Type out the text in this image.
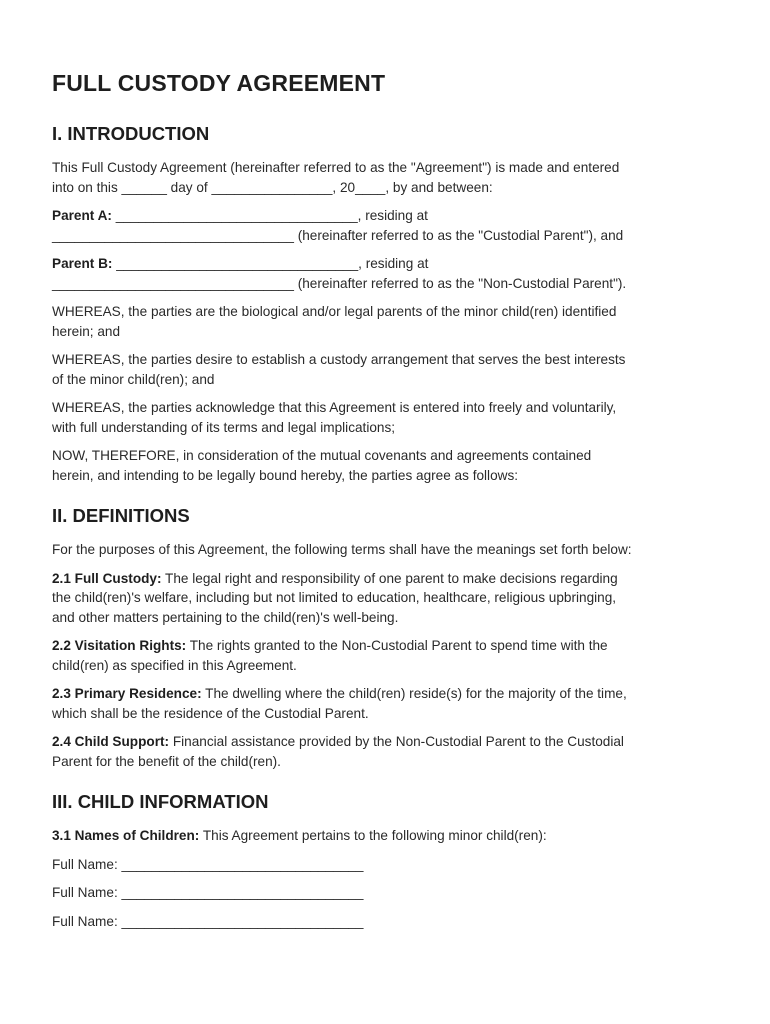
FULL CUSTODY AGREEMENT
I. INTRODUCTION

This Full Custody Agreement (hereinafter referred to as the "Agreement") is made and entered
into on this ______ day of ________________, 20____, by and between:

Parent A: ________________________________, residing at
________________________________ (hereinafter referred to as the "Custodial Parent"), and

Parent B: ________________________________, residing at
________________________________ (hereinafter referred to as the "Non-Custodial Parent").

WHEREAS, the parties are the biological and/or legal parents of the minor child(ren) identified
herein; and

WHEREAS, the parties desire to establish a custody arrangement that serves the best interests
of the minor child(ren); and

WHEREAS, the parties acknowledge that this Agreement is entered into freely and voluntarily,
with full understanding of its terms and legal implications;

NOW, THEREFORE, in consideration of the mutual covenants and agreements contained
herein, and intending to be legally bound hereby, the parties agree as follows:

II. DEFINITIONS

For the purposes of this Agreement, the following terms shall have the meanings set forth below:

2.1 Full Custody: The legal right and responsibility of one parent to make decisions regarding
the child(ren)'s welfare, including but not limited to education, healthcare, religious upbringing,
and other matters pertaining to the child(ren)'s well-being.

2.2 Visitation Rights: The rights granted to the Non-Custodial Parent to spend time with the
child(ren) as specified in this Agreement.

2.3 Primary Residence: The dwelling where the child(ren) reside(s) for the majority of the time,
which shall be the residence of the Custodial Parent.

2.4 Child Support: Financial assistance provided by the Non-Custodial Parent to the Custodial
Parent for the benefit of the child(ren).

III. CHILD INFORMATION

3.1 Names of Children: This Agreement pertains to the following minor child(ren):

Full Name: ________________________________

Full Name: ________________________________

Full Name: ________________________________
